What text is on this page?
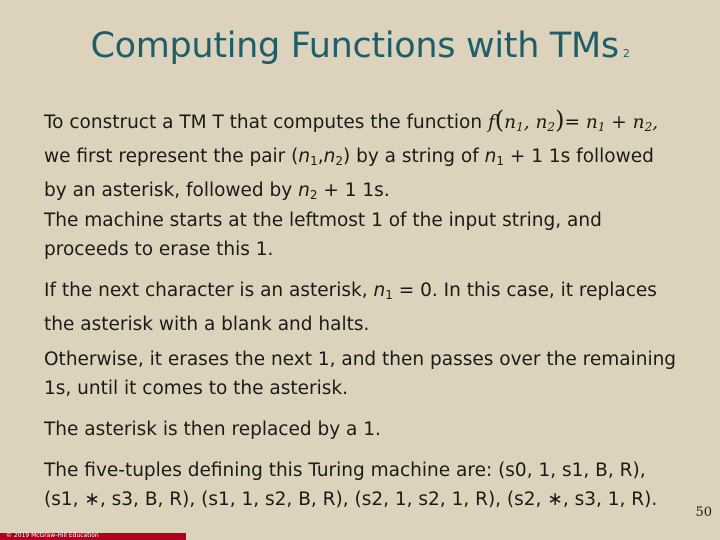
Computing Functions with TMs 2
To construct a TM T that computes the function $f(n_1$, $n_2)= n_1 + n_2$,
we first represent the pair $(n_1,n_2)$ by a string of $n_1 + 1$ 1s followed
by an asterisk, followed by $n_2 + 1$ 1s.
The machine starts at the leftmost 1 of the input string, and proceeds to erase this 1.
If the next character is an asterisk, $n_1 = 0$. In this case, it replaces the asterisk with a blank and halts.
Otherwise, it erases the next 1, and then passes over the remaining 1s, until it comes to the asterisk.
The asterisk is then replaced by a 1.
The five-tuples defining this Turing machine are: (s0, 1, s1, B, R),
(s1, ∗, s3, B, R), (s1, 1, s2, B, R), (s2, 1, s2, 1, R), (s2, ∗, s3, 1, R).
50
© 2019 McGraw-Hill Education
